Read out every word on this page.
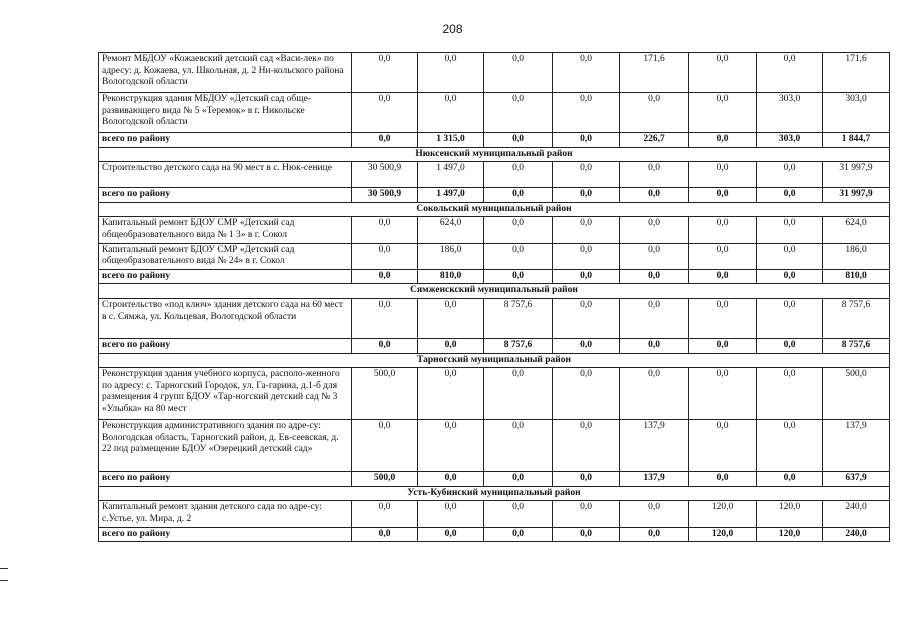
208
Ремонт МБДОУ «Кожаевский детский сад «Васи-лек» по адресу: д. Кожаева, ул. Школьная, д. 2 Ни-кольского района Вологодской области	0,0	0,0	0,0	0,0	171,6	0,0	0,0	171,6
Реконструкция здания МБДОУ «Детский сад обще-развивающего вида № 5 «Теремок» в г. Никольске Вологодской области	0,0	0,0	0,0	0,0	0,0	0,0	303,0	303,0
всего по району	0,0	1 315,0	0,0	0,0	226,7	0,0	303,0	1 844,7
Нюксенский муниципальный район								
Строительство детского сада на 90 мест в с. Нюк-сенице	30 500,9	1 497,0	0,0	0,0	0,0	0,0	0,0	31 997,9
всего по району	30 500,9	1 497,0	0,0	0,0	0,0	0,0	0,0	31 997,9
Сокольский муниципальный район								
Капитальный ремонт БДОУ СМР «Детский сад общеобразовательного вида № 1 3» в г. Сокол	0,0	624,0	0,0	0,0	0,0	0,0	0,0	624,0
Капитальный ремонт БДОУ СМР «Детский сад общеобразовательного вида № 24» в г. Сокол	0,0	186,0	0,0	0,0	0,0	0,0	0,0	186,0
всего по району	0,0	810,0	0,0	0,0	0,0	0,0	0,0	810,0
Сямженскский муниципальный район								
Строительство «под ключ» здания детского сада на 60 мест в с. Сямжа, ул. Кольцевая, Вологодской области	0,0	0,0	8 757,6	0,0	0,0	0,0	0,0	8 757,6
всего по району	0,0	0,0	8 757,6	0,0	0,0	0,0	0,0	8 757,6
Тарногский муниципальный район								
Реконструкция здания учебного корпуса, располо-женного по адресу: с. Тарногский Городок, ул. Га-гарина, д.1-б для размещения 4 групп БДОУ «Тар-ногский детский сад № 3 «Улыбка» на 80 мест	500,0	0,0	0,0	0,0	0,0	0,0	0,0	500,0
Реконструкция административного здания по адре-су: Вологодская область, Тарногский район, д. Ев-сеевская, д. 22 под размещение БДОУ «Озерецкий детский сад»	0,0	0,0	0,0	0,0	137,9	0,0	0,0	137,9
всего по району	500,0	0,0	0,0	0,0	137,9	0,0	0,0	637,9
Усть-Кубинский муниципальный район								
Капитальный ремонт здания детского сада по адре-су: с.Устье, ул. Мира, д. 2	0,0	0,0	0,0	0,0	0,0	120,0	120,0	240,0
всего по району	0,0	0,0	0,0	0,0	0,0	120,0	120,0	240,0
